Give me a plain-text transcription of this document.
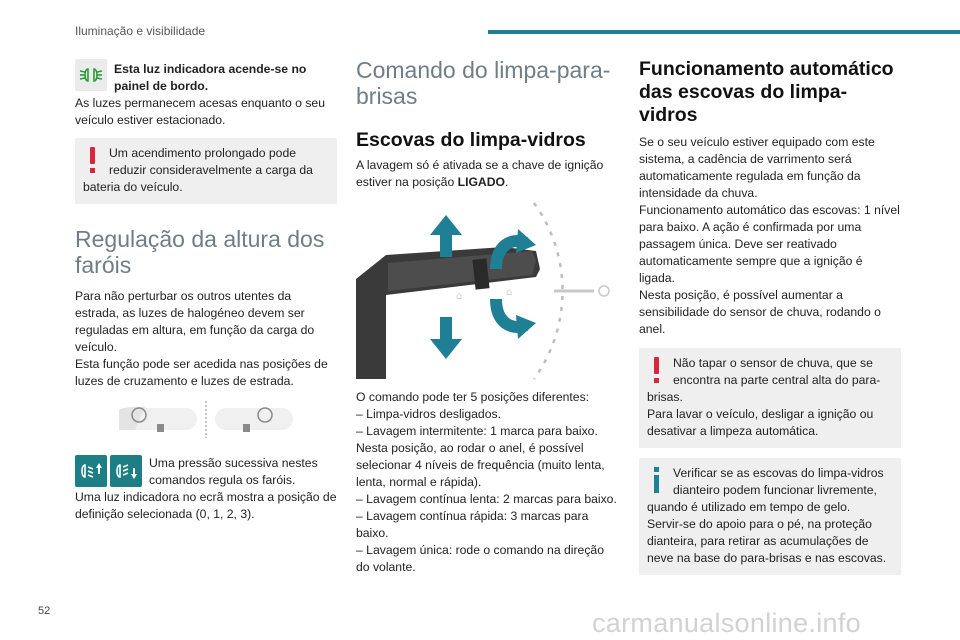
Iluminação e visibilidade

Esta luz indicadora acende-se no painel de bordo.

As luzes permanecem acesas enquanto o seu veículo estiver estacionado.

Um acendimento prolongado pode reduzir consideravelmente a carga da bateria do veículo.
Regulação da altura dos faróis

Para não perturbar os outros utentes da estrada, as luzes de halogéneo devem ser reguladas em altura, em função da carga do veículo.

Esta função pode ser acedida nas posições de luzes de cruzamento e luzes de estrada.

Uma pressão sucessiva nestes comandos regula os faróis.

Uma luz indicadora no ecrã mostra a posição de definição selecionada (0, 1, 2, 3).

Comando do limpa-para-brisas
Escovas do limpa-vidros

A lavagem só é ativada se a chave de ignição estiver na posição LIGADO.

⌂	⌂

O comando pode ter 5 posições diferentes:

– Limpa-vidros desligados.

– Lavagem intermitente: 1 marca para baixo.

Nesta posição, ao rodar o anel, é possível selecionar 4 níveis de frequência (muito lenta, lenta, normal e rápida).

– Lavagem contínua lenta: 2 marcas para baixo.

– Lavagem contínua rápida: 3 marcas para baixo.

– Lavagem única: rode o comando na direção do volante.

Funcionamento automático das escovas do limpa-vidros

Se o seu veículo estiver equipado com este sistema, a cadência de varrimento será automaticamente regulada em função da intensidade da chuva.

Funcionamento automático das escovas: 1 nível para baixo. A ação é confirmada por uma passagem única. Deve ser reativado automaticamente sempre que a ignição é ligada.

Nesta posição, é possível aumentar a sensibilidade do sensor de chuva, rodando o anel.

Não tapar o sensor de chuva, que se encontra na parte central alta do para-brisas.
Para lavar o veículo, desligar a ignição ou desativar a limpeza automática.
Verificar se as escovas do limpa-vidros dianteiro podem funcionar livremente, quando é utilizado em tempo de gelo.
Servir-se do apoio para o pé, na proteção dianteira, para retirar as acumulações de neve na base do para-brisas e nas escovas.
52	carmanualsonline.info
